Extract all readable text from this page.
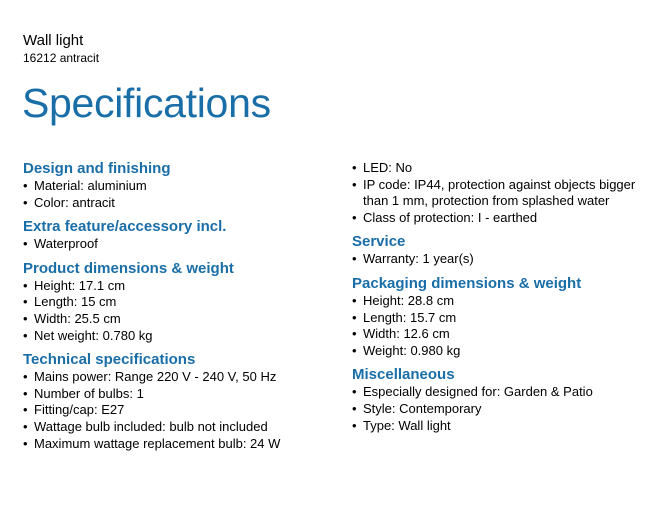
Wall light
16212 antracit
Specifications
Design and finishing
• Material: aluminium
• Color: antracit
Extra feature/accessory incl.
• Waterproof
Product dimensions & weight
• Height: 17.1 cm
• Length: 15 cm
• Width: 25.5 cm
• Net weight: 0.780 kg
Technical specifications
• Mains power: Range 220 V - 240 V, 50 Hz
• Number of bulbs: 1
• Fitting/cap: E27
• Wattage bulb included: bulb not included
• Maximum wattage replacement bulb: 24 W
• LED: No
• IP code: IP44, protection against objects bigger than 1 mm, protection from splashed water
• Class of protection: I - earthed
Service
• Warranty: 1 year(s)
Packaging dimensions & weight
• Height: 28.8 cm
• Length: 15.7 cm
• Width: 12.6 cm
• Weight: 0.980 kg
Miscellaneous
• Especially designed for: Garden & Patio
• Style: Contemporary
• Type: Wall light
